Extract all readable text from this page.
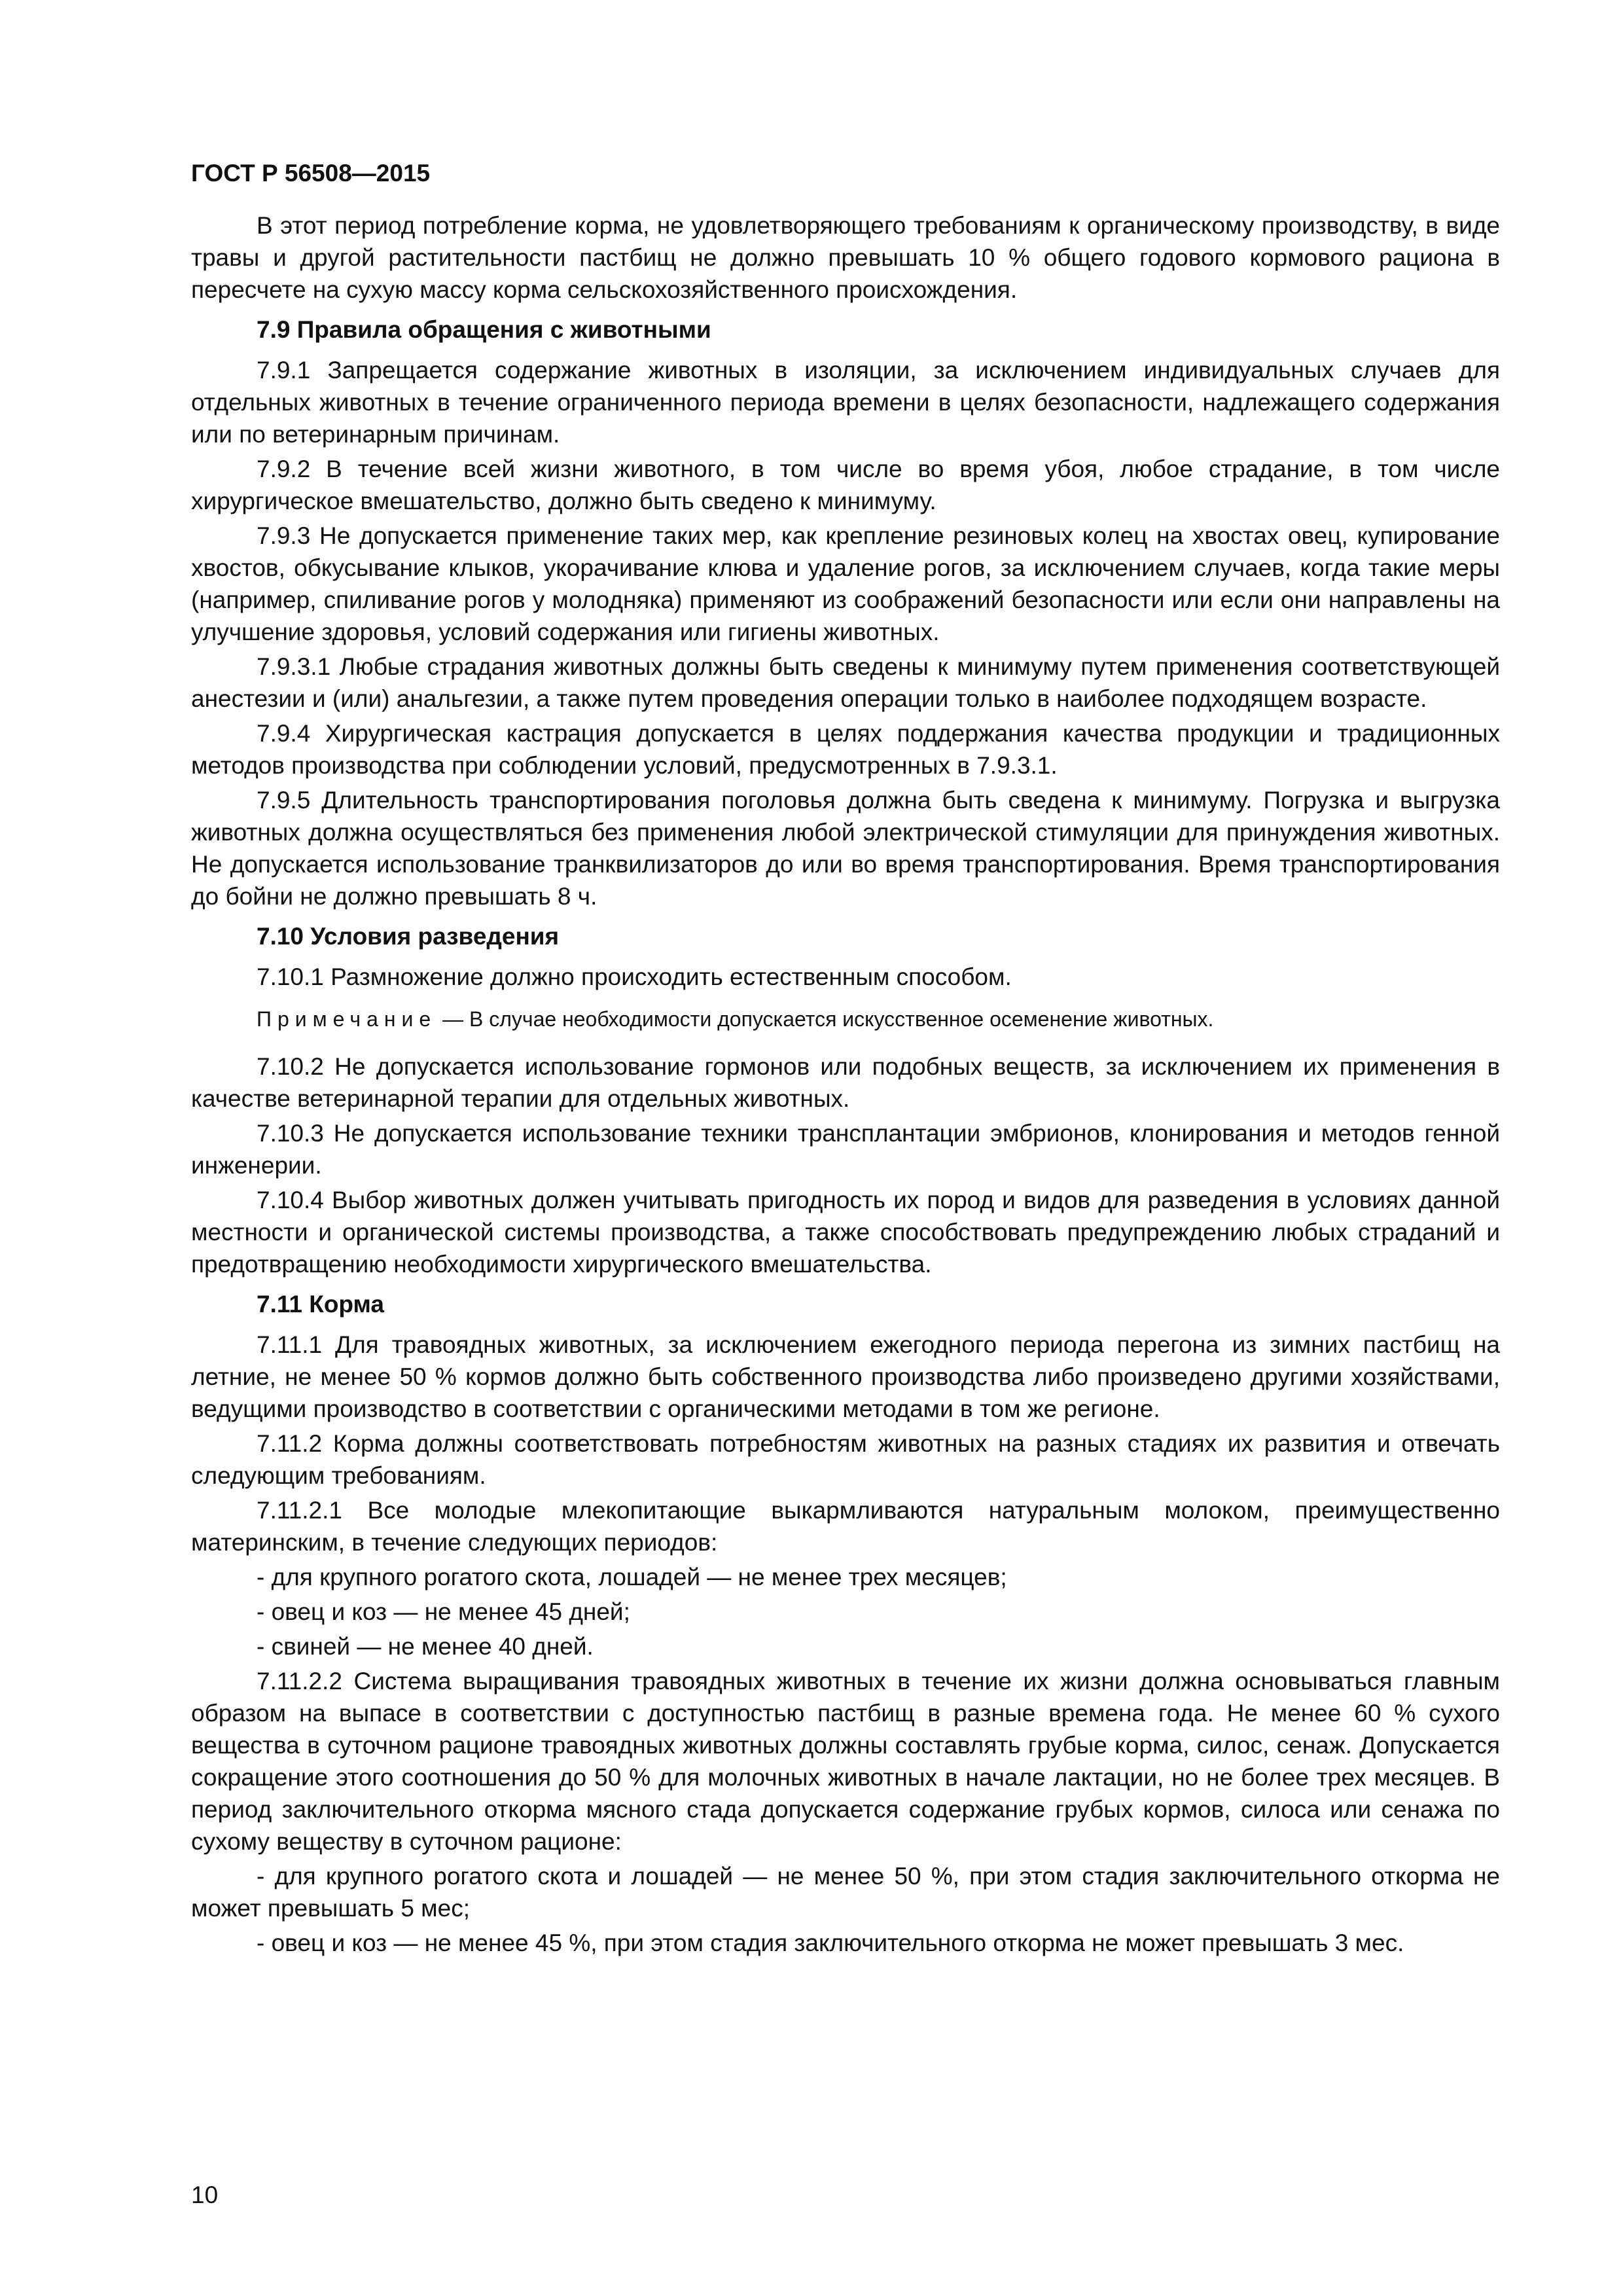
ГОСТ Р 56508—2015

В этот период потребление корма, не удовлетворяющего требованиям к органическому производству, в виде травы и другой растительности пастбищ не должно превышать 10 % общего годового кормового рациона в пересчете на сухую массу корма сельскохозяйственного происхождения.

7.9 Правила обращения с животными

7.9.1 Запрещается содержание животных в изоляции, за исключением индивидуальных случаев для отдельных животных в течение ограниченного периода времени в целях безопасности, надлежащего содержания или по ветеринарным причинам.

7.9.2 В течение всей жизни животного, в том числе во время убоя, любое страдание, в том числе хирургическое вмешательство, должно быть сведено к минимуму.

7.9.3 Не допускается применение таких мер, как крепление резиновых колец на хвостах овец, купирование хвостов, обкусывание клыков, укорачивание клюва и удаление рогов, за исключением случаев, когда такие меры (например, спиливание рогов у молодняка) применяют из соображений безопасности или если они направлены на улучшение здоровья, условий содержания или гигиены животных.

7.9.3.1 Любые страдания животных должны быть сведены к минимуму путем применения соответствующей анестезии и (или) анальгезии, а также путем проведения операции только в наиболее подходящем возрасте.

7.9.4 Хирургическая кастрация допускается в целях поддержания качества продукции и традиционных методов производства при соблюдении условий, предусмотренных в 7.9.3.1.

7.9.5 Длительность транспортирования поголовья должна быть сведена к минимуму. Погрузка и выгрузка животных должна осуществляться без применения любой электрической стимуляции для принуждения животных. Не допускается использование транквилизаторов до или во время транспортирования. Время транспортирования до бойни не должно превышать 8 ч.

7.10 Условия разведения

7.10.1 Размножение должно происходить естественным способом.

Примечание — В случае необходимости допускается искусственное осеменение животных.

7.10.2 Не допускается использование гормонов или подобных веществ, за исключением их применения в качестве ветеринарной терапии для отдельных животных.

7.10.3 Не допускается использование техники трансплантации эмбрионов, клонирования и методов генной инженерии.

7.10.4 Выбор животных должен учитывать пригодность их пород и видов для разведения в условиях данной местности и органической системы производства, а также способствовать предупреждению любых страданий и предотвращению необходимости хирургического вмешательства.

7.11 Корма

7.11.1 Для травоядных животных, за исключением ежегодного периода перегона из зимних пастбищ на летние, не менее 50 % кормов должно быть собственного производства либо произведено другими хозяйствами, ведущими производство в соответствии с органическими методами в том же регионе.

7.11.2 Корма должны соответствовать потребностям животных на разных стадиях их развития и отвечать следующим требованиям.

7.11.2.1 Все молодые млекопитающие выкармливаются натуральным молоком, преимущественно материнским, в течение следующих периодов:

- для крупного рогатого скота, лошадей — не менее трех месяцев;
- овец и коз — не менее 45 дней;
- свиней — не менее 40 дней.

7.11.2.2 Система выращивания травоядных животных в течение их жизни должна основываться главным образом на выпасе в соответствии с доступностью пастбищ в разные времена года. Не менее 60 % сухого вещества в суточном рационе травоядных животных должны составлять грубые корма, силос, сенаж. Допускается сокращение этого соотношения до 50 % для молочных животных в начале лактации, но не более трех месяцев. В период заключительного откорма мясного стада допускается содержание грубых кормов, силоса или сенажа по сухому веществу в суточном рационе:

- для крупного рогатого скота и лошадей — не менее 50 %, при этом стадия заключительного откорма не может превышать 5 мес;
- овец и коз — не менее 45 %, при этом стадия заключительного откорма не может превышать 3 мес.
10
